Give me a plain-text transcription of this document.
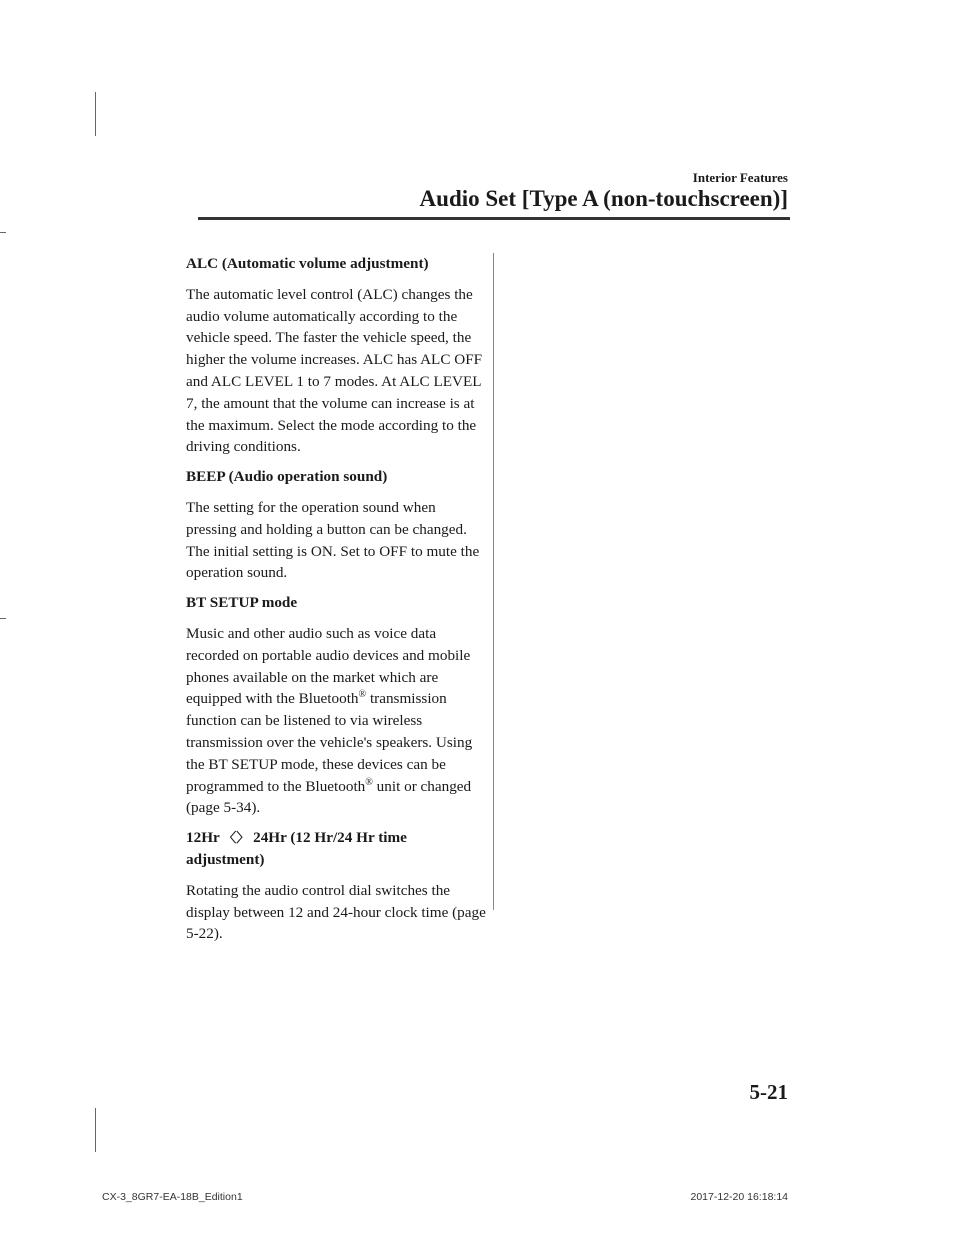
Interior Features
Audio Set [Type A (non-touchscreen)]
ALC (Automatic volume adjustment)

The automatic level control (ALC) changes the audio volume automatically according to the vehicle speed. The faster the vehicle speed, the higher the volume increases. ALC has ALC OFF and ALC LEVEL 1 to 7 modes. At ALC LEVEL 7, the amount that the volume can increase is at the maximum. Select the mode according to the driving conditions.

BEEP (Audio operation sound)

The setting for the operation sound when pressing and holding a button can be changed. The initial setting is ON. Set to OFF to mute the operation sound.

BT SETUP mode

Music and other audio such as voice data recorded on portable audio devices and mobile phones available on the market which are equipped with the Bluetooth® transmission function can be listened to via wireless transmission over the vehicle's speakers. Using the BT SETUP mode, these devices can be programmed to the Bluetooth® unit or changed (page 5-34).

12Hr 〈〉 24Hr (12 Hr/24 Hr time adjustment)

Rotating the audio control dial switches the display between 12 and 24-hour clock time (page 5-22).

5-21
CX-3_8GR7-EA-18B_Edition1	2017-12-20 16:18:14
